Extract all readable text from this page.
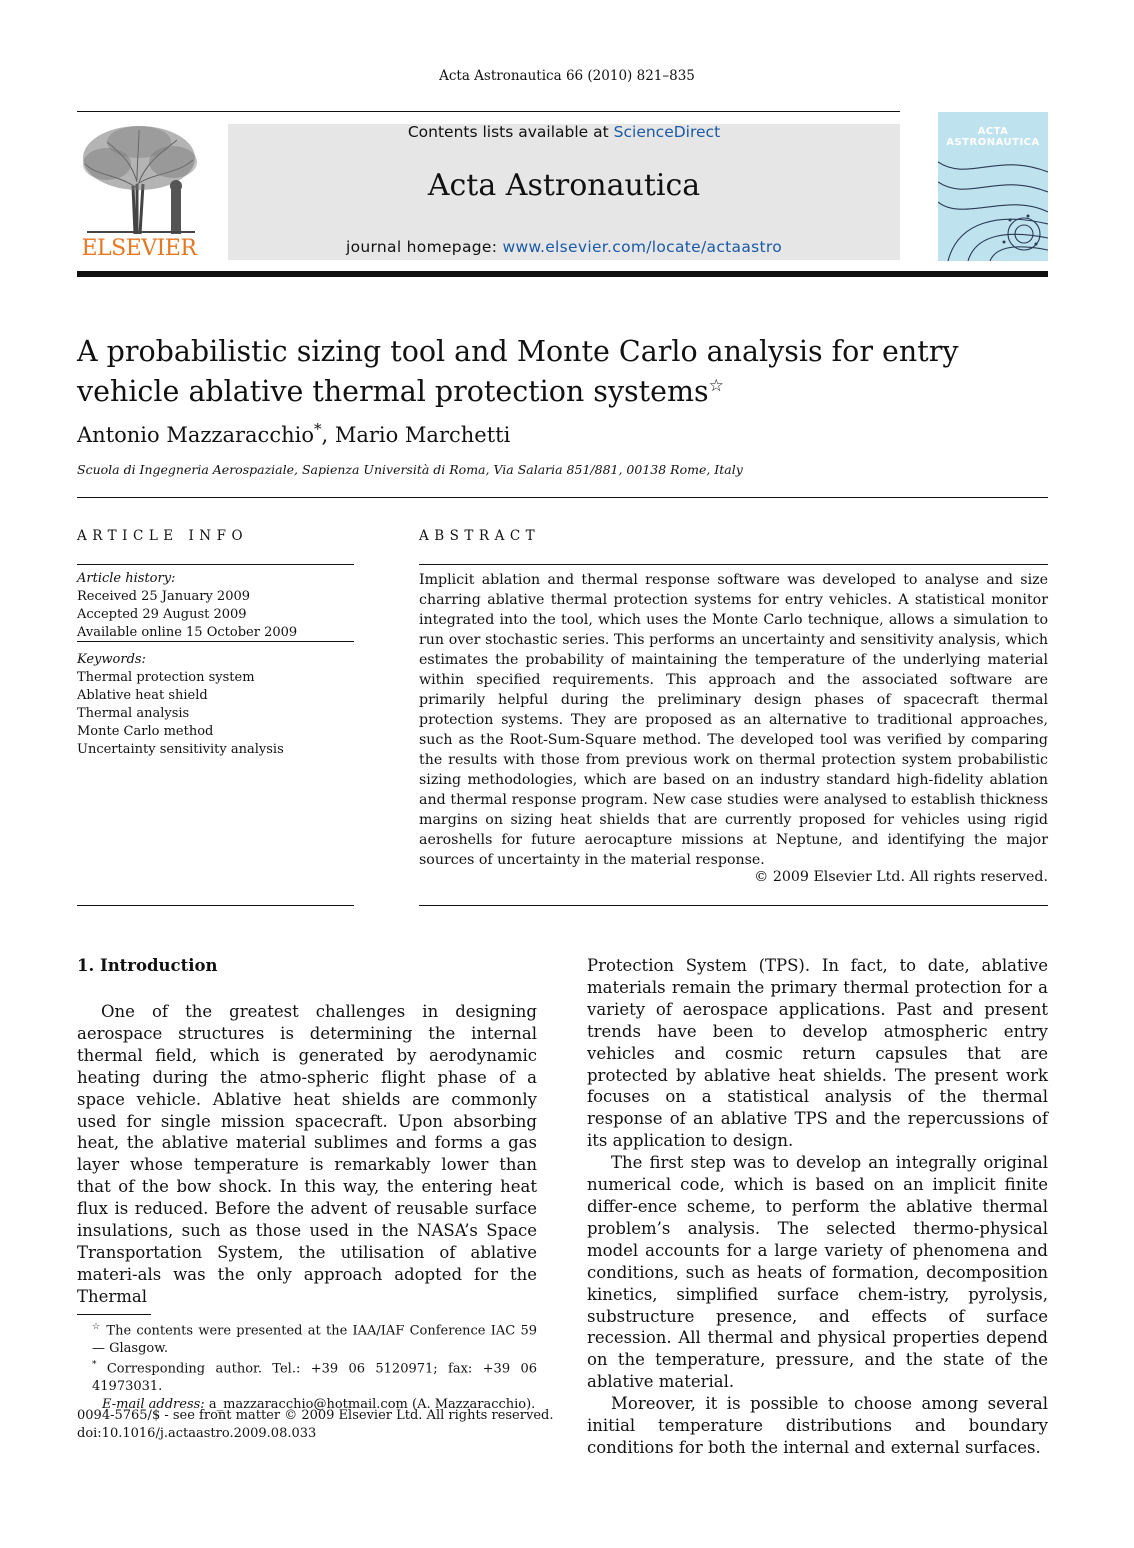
Acta Astronautica 66 (2010) 821–835
ELSEVIER
Contents lists available at ScienceDirect
Acta Astronautica
journal homepage: www.elsevier.com/locate/actaastro
ACTA ASTRONAUTICA
A probabilistic sizing tool and Monte Carlo analysis for entry vehicle ablative thermal protection systems☆
Antonio Mazzaracchio*, Mario Marchetti
Scuola di Ingegneria Aerospaziale, Sapienza Università di Roma, Via Salaria 851/881, 00138 Rome, Italy
ARTICLE INFO
Article history:
Received 25 January 2009
Accepted 29 August 2009
Available online 15 October 2009
Keywords:
Thermal protection system
Ablative heat shield
Thermal analysis
Monte Carlo method
Uncertainty sensitivity analysis
ABSTRACT
Implicit ablation and thermal response software was developed to analyse and size charring ablative thermal protection systems for entry vehicles. A statistical monitor integrated into the tool, which uses the Monte Carlo technique, allows a simulation to run over stochastic series. This performs an uncertainty and sensitivity analysis, which estimates the probability of maintaining the temperature of the underlying material within specified requirements. This approach and the associated software are primarily helpful during the preliminary design phases of spacecraft thermal protection systems. They are proposed as an alternative to traditional approaches, such as the Root-Sum-Square method. The developed tool was verified by comparing the results with those from previous work on thermal protection system probabilistic sizing methodologies, which are based on an industry standard high-fidelity ablation and thermal response program. New case studies were analysed to establish thickness margins on sizing heat shields that are currently proposed for vehicles using rigid aeroshells for future aerocapture missions at Neptune, and identifying the major sources of uncertainty in the material response.
© 2009 Elsevier Ltd. All rights reserved.
1. Introduction

One of the greatest challenges in designing aerospace structures is determining the internal thermal field, which is generated by aerodynamic heating during the atmo-spheric flight phase of a space vehicle. Ablative heat shields are commonly used for single mission spacecraft. Upon absorbing heat, the ablative material sublimes and forms a gas layer whose temperature is remarkably lower than that of the bow shock. In this way, the entering heat flux is reduced. Before the advent of reusable surface insulations, such as those used in the NASA’s Space Transportation System, the utilisation of ablative materi-als was the only approach adopted for the Thermal

Protection System (TPS). In fact, to date, ablative materials remain the primary thermal protection for a variety of aerospace applications. Past and present trends have been to develop atmospheric entry vehicles and cosmic return capsules that are protected by ablative heat shields. The present work focuses on a statistical analysis of the thermal response of an ablative TPS and the repercussions of its application to design.

The first step was to develop an integrally original numerical code, which is based on an implicit finite differ-ence scheme, to perform the ablative thermal problem’s analysis. The selected thermo-physical model accounts for a large variety of phenomena and conditions, such as heats of formation, decomposition kinetics, simplified surface chem-istry, pyrolysis, substructure presence, and effects of surface recession. All thermal and physical properties depend on the temperature, pressure, and the state of the ablative material.

Moreover, it is possible to choose among several initial temperature distributions and boundary conditions for both the internal and external surfaces.

☆ The contents were presented at the IAA/IAF Conference IAC 59 — Glasgow.
* Corresponding author. Tel.: +39 06 5120971; fax: +39 06 41973031.
E-mail address: a_mazzaracchio@hotmail.com (A. Mazzaracchio).
0094-5765/$ - see front matter © 2009 Elsevier Ltd. All rights reserved.
doi:10.1016/j.actaastro.2009.08.033
